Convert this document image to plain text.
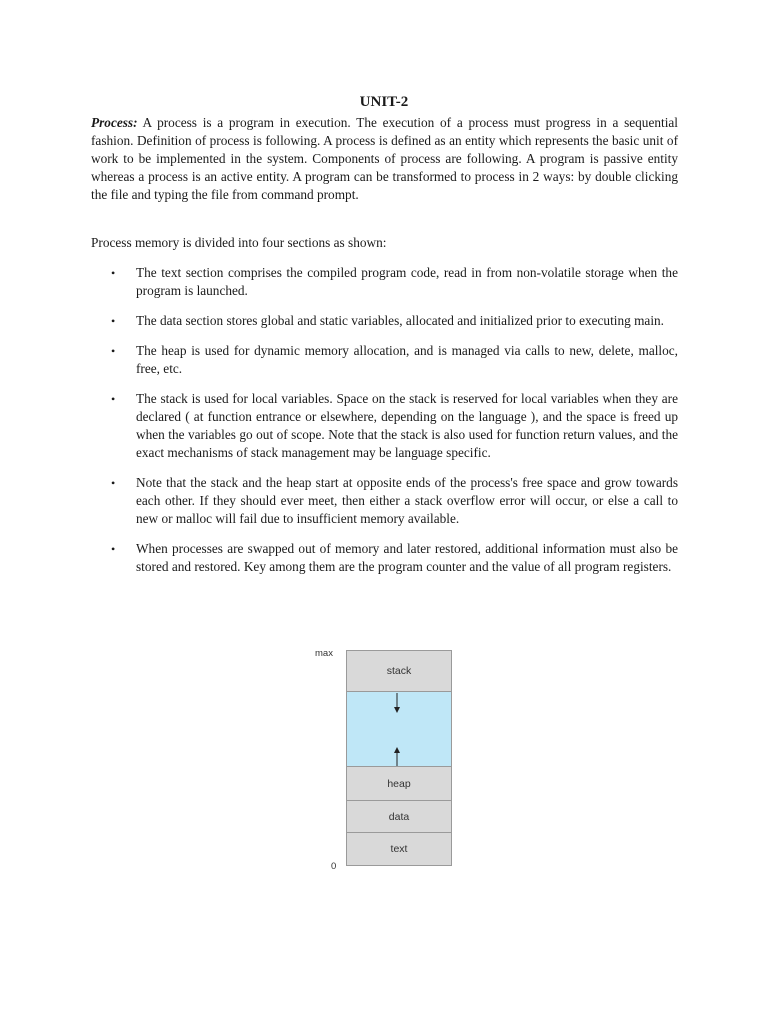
UNIT-2

Process: A process is a program in execution. The execution of a process must progress in a sequential fashion. Definition of process is following. A process is defined as an entity which represents the basic unit of work to be implemented in the system. Components of process are following. A program is passive entity whereas a process is an active entity. A program can be transformed to process in 2 ways: by double clicking the file and typing the file from command prompt.

Process memory is divided into four sections as shown:

• The text section comprises the compiled program code, read in from non-volatile storage when the program is launched.
• The data section stores global and static variables, allocated and initialized prior to executing main.
• The heap is used for dynamic memory allocation, and is managed via calls to new, delete, malloc, free, etc.
• The stack is used for local variables. Space on the stack is reserved for local variables when they are declared ( at function entrance or elsewhere, depending on the language ), and the space is freed up when the variables go out of scope. Note that the stack is also used for function return values, and the exact mechanisms of stack management may be language specific.
• Note that the stack and the heap start at opposite ends of the process's free space and grow towards each other. If they should ever meet, then either a stack overflow error will occur, or else a call to new or malloc will fail due to insufficient memory available.
• When processes are swapped out of memory and later restored, additional information must also be stored and restored. Key among them are the program counter and the value of all program registers.
max
stack
heap
data
text
0
